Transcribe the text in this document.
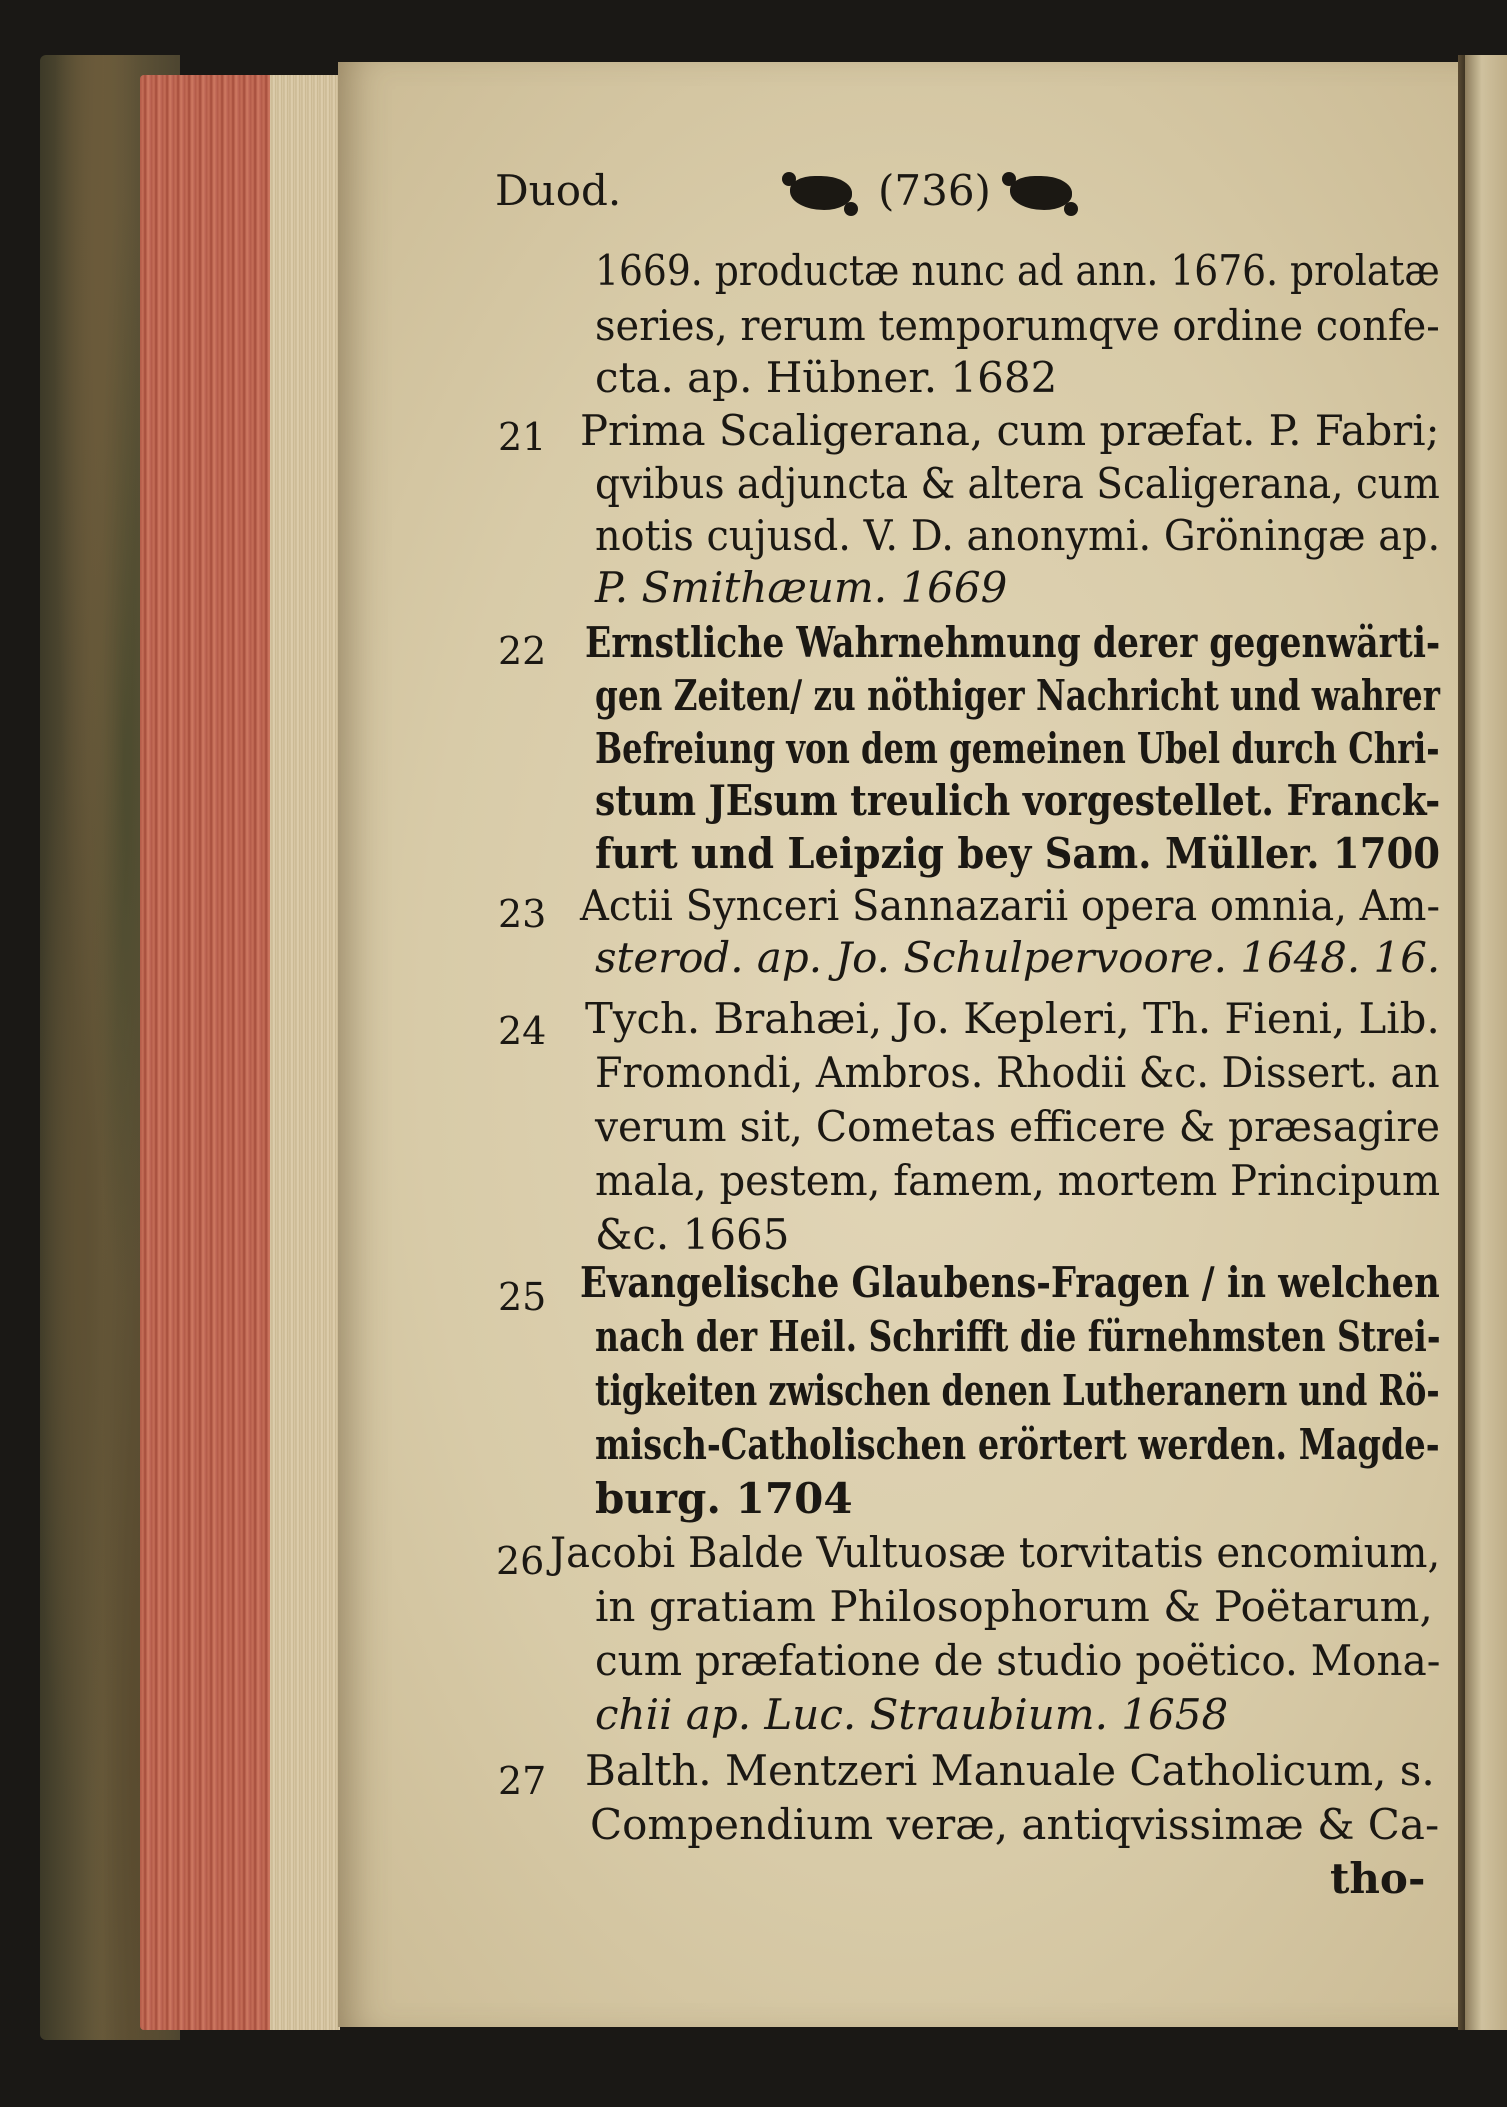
Duod.	(736)
1669. productæ nunc ad ann. 1676. prolatæ
series, rerum temporumqve ordine confe-
cta. ap. Hübner. 1682
21 Prima Scaligerana, cum præfat. P. Fabri;
qvibus adjuncta & altera Scaligerana, cum
notis cujusd. V. D. anonymi. Gröningæ ap.
P. Smithæum. 1669
22 Ernstliche Wahrnehmung derer gegenwärti-
gen Zeiten/ zu nöthiger Nachricht und wahrer
Befreiung von dem gemeinen Ubel durch Chri-
stum JEsum treulich vorgestellet. Franck-
furt und Leipzig bey Sam. Müller. 1700
23 Actii Synceri Sannazarii opera omnia, Am-
sterod. ap. Jo. Schulpervoore. 1648. 16.
24 Tych. Brahæi, Jo. Kepleri, Th. Fieni, Lib.
Fromondi, Ambros. Rhodii &c. Dissert. an
verum sit, Cometas efficere & præsagire
mala, pestem, famem, mortem Principum
&c. 1665
25 Evangelische Glaubens-Fragen / in welchen
nach der Heil. Schrifft die fürnehmsten Strei-
tigkeiten zwischen denen Lutheranern und Rö-
misch-Catholischen erörtert werden. Magde-
burg. 1704
26 Jacobi Balde Vultuosæ torvitatis encomium,
in gratiam Philosophorum & Poëtarum,
cum præfatione de studio poëtico. Mona-
chii ap. Luc. Straubium. 1658
27 Balth. Mentzeri Manuale Catholicum, s.
Compendium veræ, antiqvissimæ & Ca-
tho-
